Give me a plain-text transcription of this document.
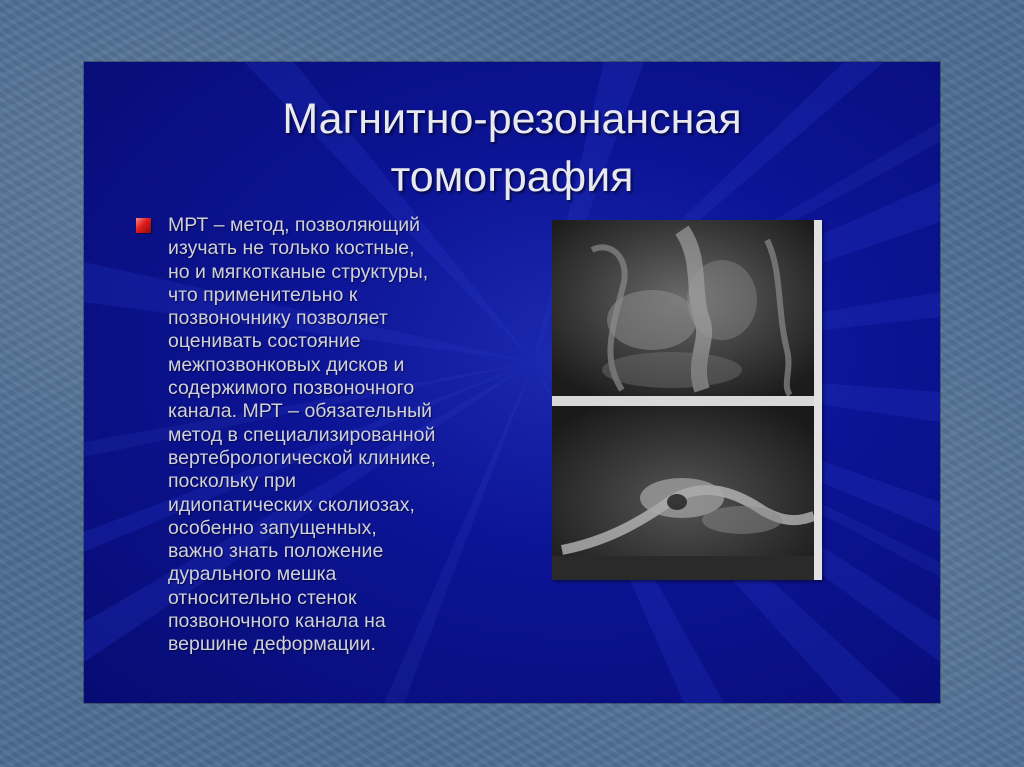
Магнитно-резонансная
томография

МРТ – метод, позволяющий
изучать не только костные,
но и мягкотканые структуры,
что применительно к
позвоночнику позволяет
оценивать состояние
межпозвонковых дисков и
содержимого позвоночного
канала. МРТ – обязательный
метод в специализированной
вертебрологической клинике,
поскольку при
идиопатических сколиозах,
особенно запущенных,
важно знать положение
дурального мешка
относительно стенок
позвоночного канала на
вершине деформации.
